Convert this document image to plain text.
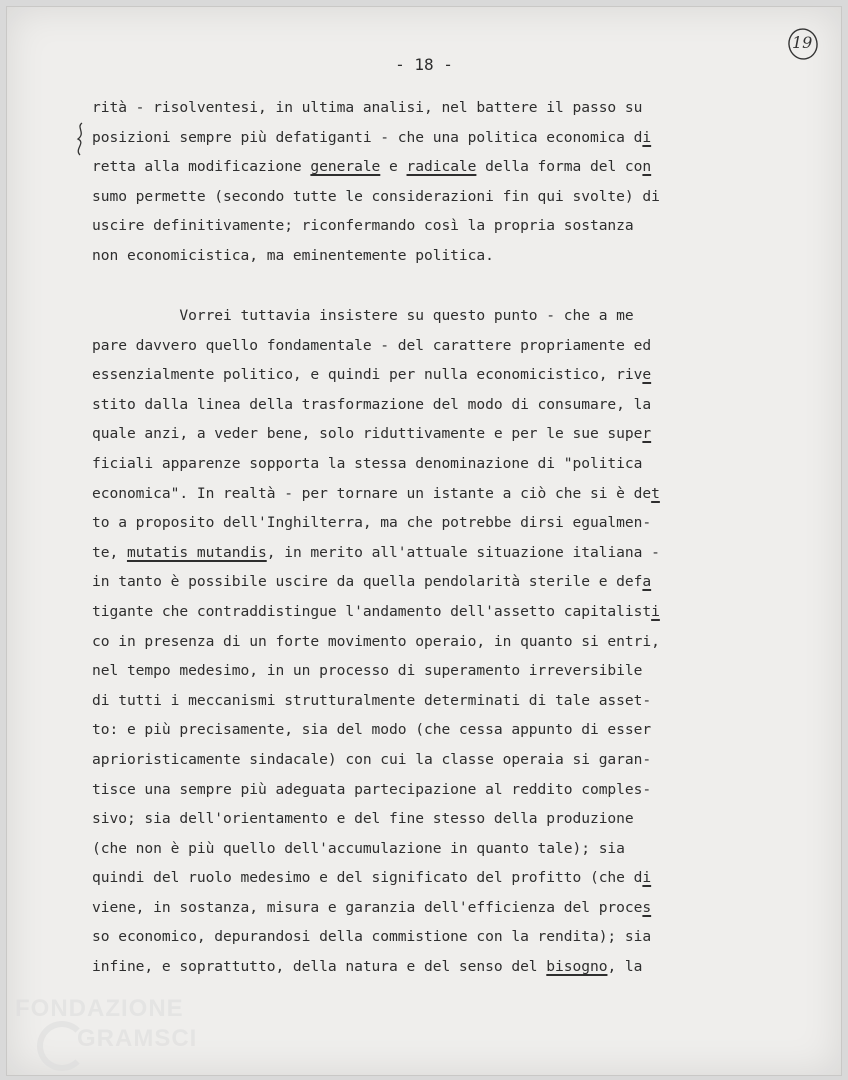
- 18 -
19
rità - risolventesi, in ultima analisi, nel battere il passo su
posizioni sempre più defatiganti - che una politica economica di
retta alla modificazione generale e radicale della forma del con
sumo permette (secondo tutte le considerazioni fin qui svolte) di
uscire definitivamente; riconfermando così la propria sostanza
non economicistica, ma eminentemente politica.
Vorrei tuttavia insistere su questo punto - che a me
pare davvero quello fondamentale - del carattere propriamente ed
essenzialmente politico, e quindi per nulla economicistico, rive
stito dalla linea della trasformazione del modo di consumare, la
quale anzi, a veder bene, solo riduttivamente e per le sue super
ficiali apparenze sopporta la stessa denominazione di "politica
economica". In realtà - per tornare un istante a ciò che si è det
to a proposito dell'Inghilterra, ma che potrebbe dirsi egualmen-
te, mutatis mutandis, in merito all'attuale situazione italiana -
in tanto è possibile uscire da quella pendolarità sterile e defa
tigante che contraddistingue l'andamento dell'assetto capitalisti
co in presenza di un forte movimento operaio, in quanto si entri,
nel tempo medesimo, in un processo di superamento irreversibile
di tutti i meccanismi strutturalmente determinati di tale asset-
to: e più precisamente, sia del modo (che cessa appunto di esser
aprioristicamente sindacale) con cui la classe operaia si garan-
tisce una sempre più adeguata partecipazione al reddito comples-
sivo; sia dell'orientamento e del fine stesso della produzione
(che non è più quello dell'accumulazione in quanto tale); sia
quindi del ruolo medesimo e del significato del profitto (che di
viene, in sostanza, misura e garanzia dell'efficienza del proces
so economico, depurandosi della commistione con la rendita); sia
infine, e soprattutto, della natura e del senso del bisogno, la
FONDAZIONE
GRAMSCI
